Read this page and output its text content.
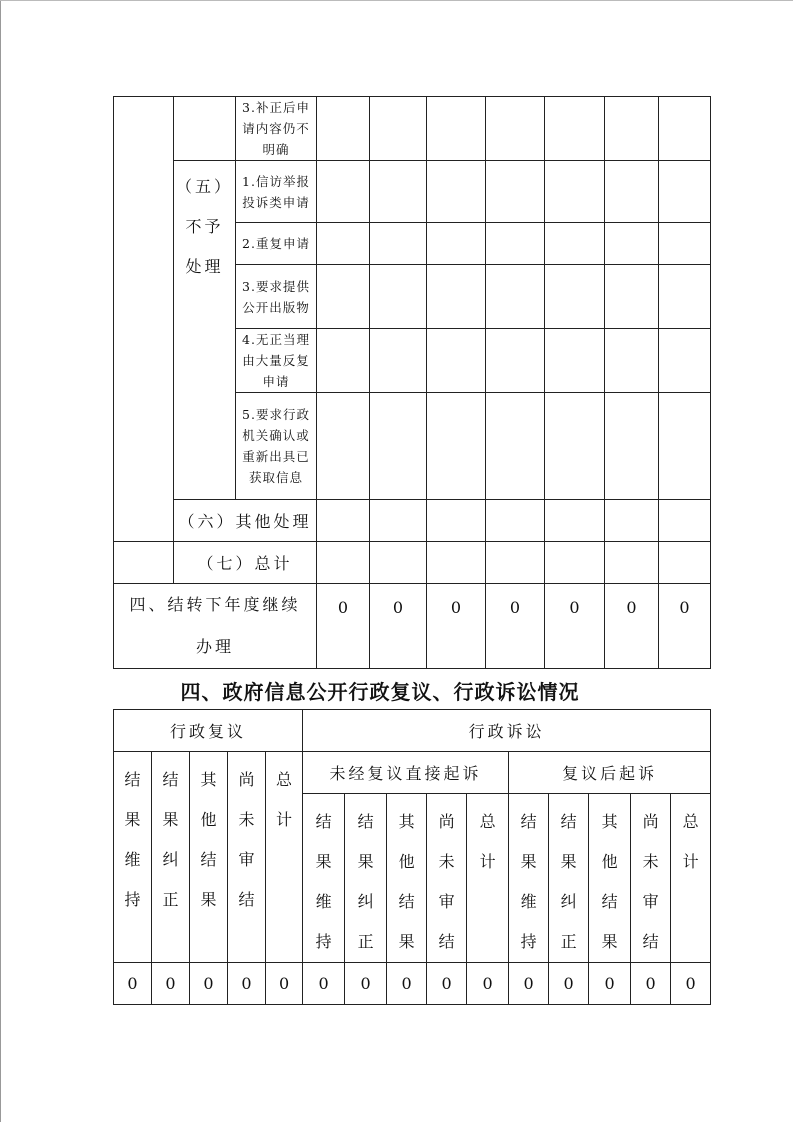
		3.补正后申请内容仍不明确							

	（五）
不予
处理	1.信访举报投诉类申请							
		2.重复申请							
		3.要求提供公开出版物							
		4.无正当理由大量反复申请							
		5.要求行政机关确认或重新出具已获取信息							
	（六）其他处理								
	（七）总计								

四、结转下年度继续
办理			0	0	0	0	0	0	0
四、政府信息公开行政复议、行政诉讼情况
行政复议					行政诉讼									

结果维持	结果纠正	其他结果	尚未审结	总计	未经复议直接起诉					复议后起诉				

					结果维持	结果纠正	其他结果	尚未审结	总计	结果维持	结果纠正	其他结果	尚未审结	总计

0	0	0	0	0	0	0	0	0	0	0	0	0	0	0
